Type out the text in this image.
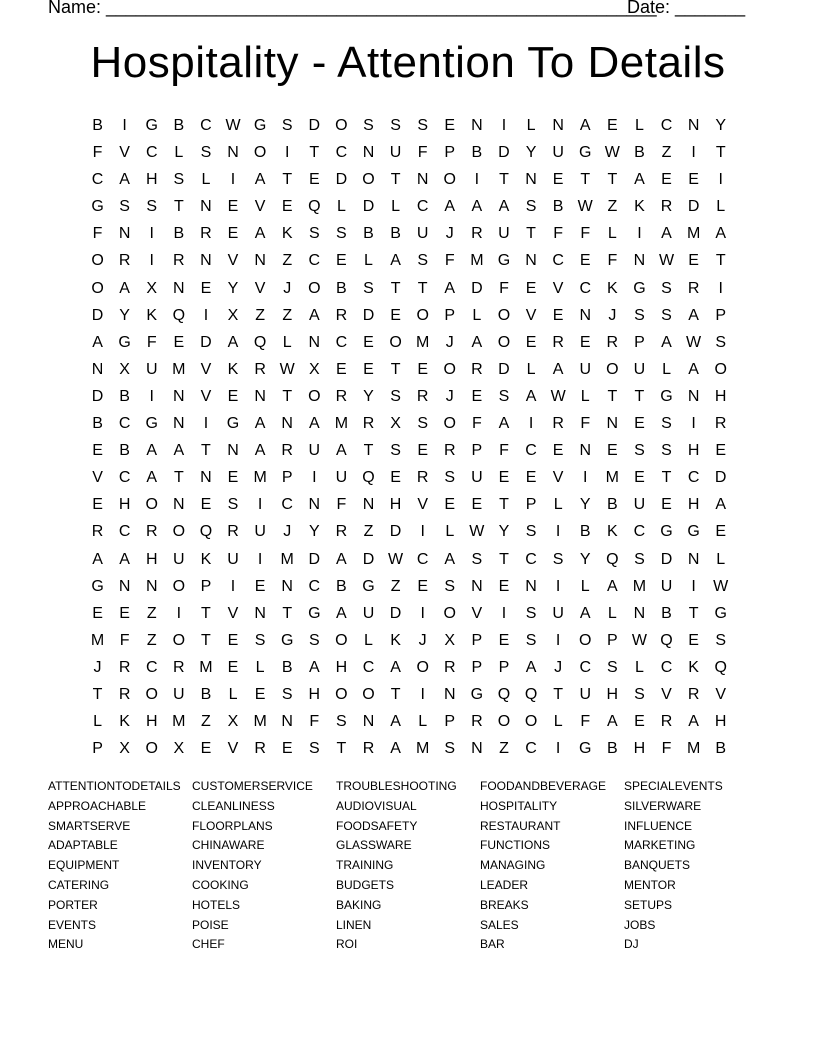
Name: _______________________________________________________
Date: _______
Hospitality - Attention To Details
B	I	G B C W G S D O S	S	S	E N	I	L	N A	E	L	C N Y
F	V C	L	S N O	I	T	C N U	F	P	B D Y U G W B	Z	I	T
C A H S	L	I	A	T	E D O T	N O	I	T	N E	T	T	A	E	E	I
G S	S	T	N E	V	E Q	L	D	L	C A	A	A	S	B W Z	K R D	L
F	N	I	B R E	A	K	S	S	B	B U	J	R U	T	F	F	L	I	A M A
O R	I	R N V N	Z	C E	L	A	S	F M G N C E	F	N W E	T
O A	X N E	Y	V	J	O B	S	T	T	A D	F	E	V C K G S R	I
D Y	K Q	I	X	Z	Z	A R D E O P	L	O V	E N	J	S	S	A	P
A G F	E D A Q	L	N C E O M	J	A O E R E R P	A W S
N X U M V	K R W X	E	E	T	E O R D	L	A U O U	L	A O
D B	I	N V	E N	T O R Y	S R	J	E	S	A W L	T	T G N H
B C G N	I	G A N A M R X	S O F	A	I	R	F	N E	S	I	R
E	B	A	A	T	N A R U A	T	S	E R P	F	C E N E	S	S H E
V C A	T	N E M P	I	U Q E R S U E	E	V	I	M E	T	C D
E H O N E	S	I	C N	F	N H V	E	E	T	P	L	Y	B U E H A
R C R O Q R U	J	Y R	Z	D	I	L W Y	S	I	B	K C G G E
A	A H U K U	I	M D A D W C A	S	T	C S	Y Q S D N	L
G N N O P	I	E N C B G Z	E	S N E N	I	L	A M U	I	W
E	E	Z	I	T	V N	T G A U D	I	O V	I	S U A	L	N B	T G
M F	Z O T	E	S G S O	L	K	J	X	P	E	S	I	O P W Q E	S
J	R C R M E	L	B	A H C A O R P	P	A	J	C S	L	C K Q
T	R O U B	L	E	S H O O T	I	N G Q Q T	U H S	V R V
L	K H M Z	X M N	F	S N A	L	P R O O	L	F	A	E R A H
P	X O X	E	V R E	S	T	R A M S N	Z	C	I	G B H	F M B
ATTENTIONTODETAILS
APPROACHABLE
SMARTSERVE
ADAPTABLE
EQUIPMENT
CATERING
PORTER
EVENTS
MENU
CUSTOMERSERVICE
CLEANLINESS
FLOORPLANS
CHINAWARE
INVENTORY
COOKING
HOTELS
POISE
CHEF
TROUBLESHOOTING
AUDIOVISUAL
FOODSAFETY
GLASSWARE
TRAINING
BUDGETS
BAKING
LINEN
ROI
FOODANDBEVERAGE
HOSPITALITY
RESTAURANT
FUNCTIONS
MANAGING
LEADER
BREAKS
SALES
BAR
SPECIALEVENTS
SILVERWARE
INFLUENCE
MARKETING
BANQUETS
MENTOR
SETUPS
JOBS
DJ
